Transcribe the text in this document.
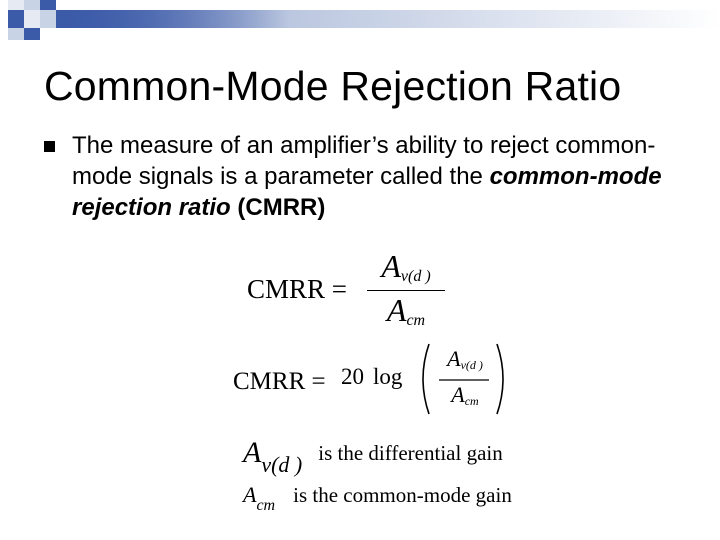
Common-Mode Rejection Ratio
The measure of an amplifier’s ability to reject common-mode signals is a parameter called the common-mode rejection ratio (CMRR)
CMRR =
Av(d )
Acm
CMRR = 20 log
$A_{v(d )}$
$A_{cm}$
Av(d ) is the differential gain
Acm is the common-mode gain
